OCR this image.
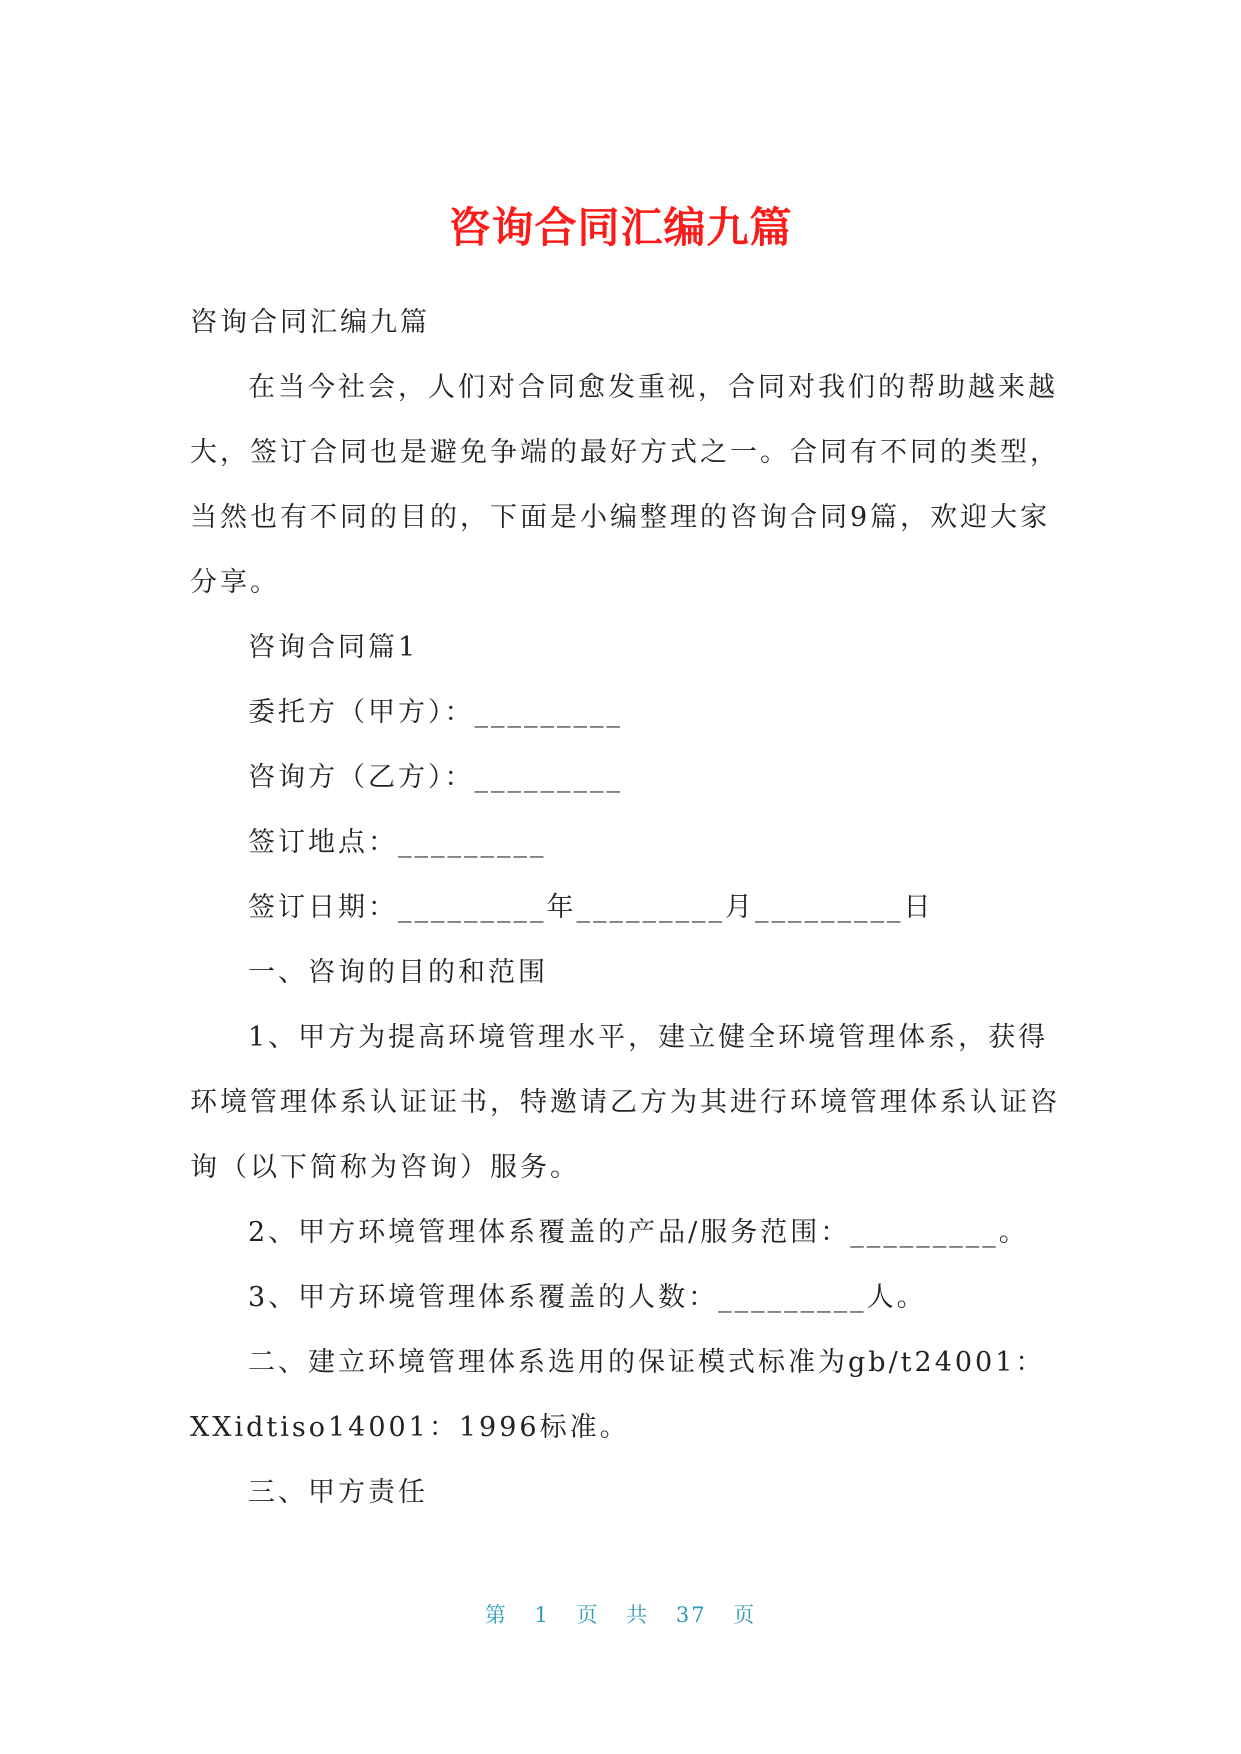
咨询合同汇编九篇

咨询合同汇编九篇

在当今社会，人们对合同愈发重视，合同对我们的帮助越来越大，签订合同也是避免争端的最好方式之一。合同有不同的类型，当然也有不同的目的，下面是小编整理的咨询合同9篇，欢迎大家分享。

咨询合同篇1

委托方（甲方）：_________

咨询方（乙方）：_________

签订地点：_________

签订日期：_________年_________月_________日

一、咨询的目的和范围

1、甲方为提高环境管理水平，建立健全环境管理体系，获得环境管理体系认证证书，特邀请乙方为其进行环境管理体系认证咨询（以下简称为咨询）服务。

2、甲方环境管理体系覆盖的产品/服务范围：_________。

3、甲方环境管理体系覆盖的人数：_________人。

二、建立环境管理体系选用的保证模式标准为gb/t24001：XXidtiso14001：1996标准。

三、甲方责任

第 1 页 共 37 页
